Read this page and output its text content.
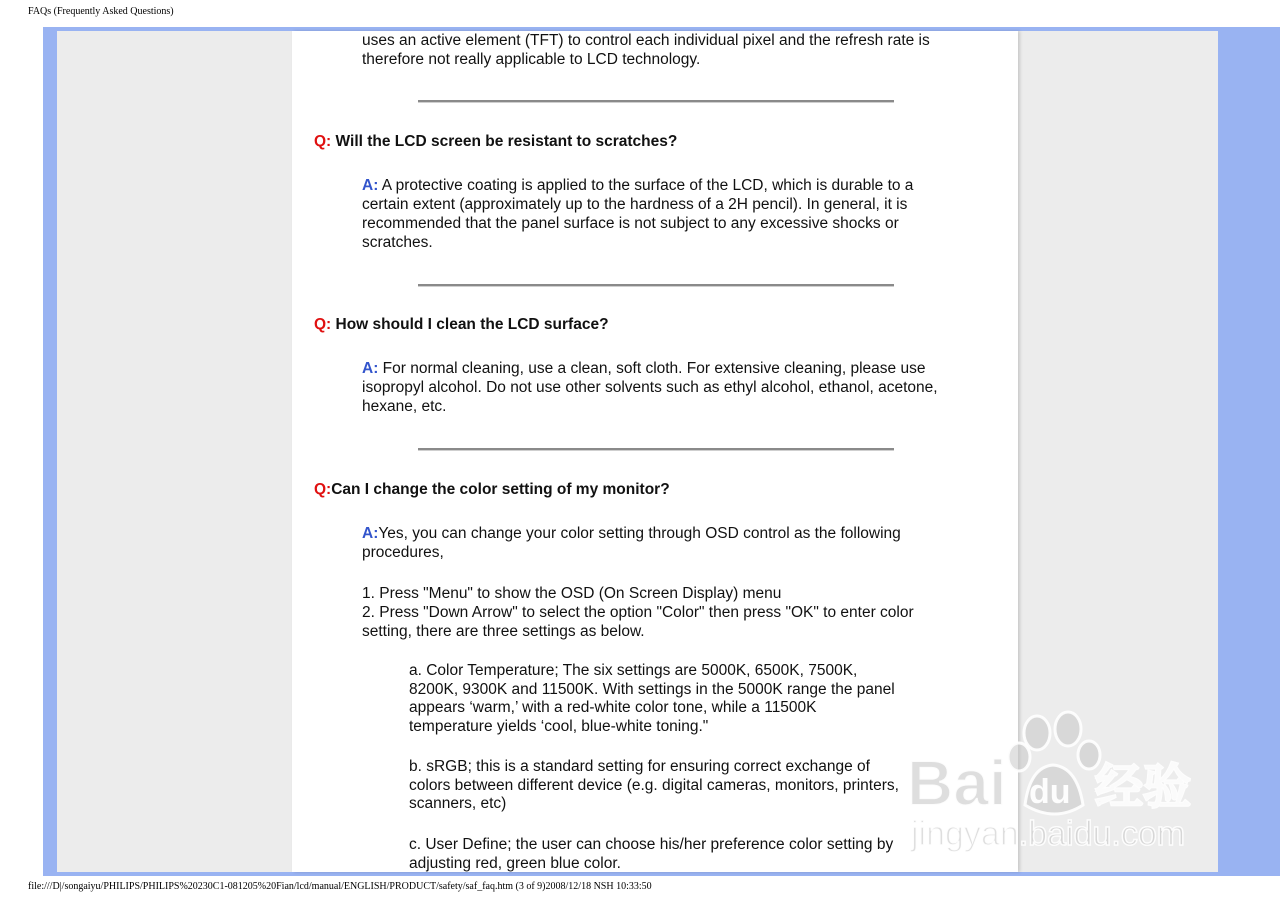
FAQs (Frequently Asked Questions)
uses an active element (TFT) to control each individual pixel and the refresh rate is
therefore not really applicable to LCD technology.
Q: Will the LCD screen be resistant to scratches?
A: A protective coating is applied to the surface of the LCD, which is durable to a
certain extent (approximately up to the hardness of a 2H pencil). In general, it is
recommended that the panel surface is not subject to any excessive shocks or
scratches.
Q: How should I clean the LCD surface?
A: For normal cleaning, use a clean, soft cloth. For extensive cleaning, please use
isopropyl alcohol. Do not use other solvents such as ethyl alcohol, ethanol, acetone,
hexane, etc.
Q:Can I change the color setting of my monitor?
A:Yes, you can change your color setting through OSD control as the following
procedures,
1. Press "Menu" to show the OSD (On Screen Display) menu
2. Press "Down Arrow" to select the option "Color" then press "OK" to enter color
setting, there are three settings as below.
a. Color Temperature; The six settings are 5000K, 6500K, 7500K,
8200K, 9300K and 11500K. With settings in the 5000K range the panel
appears ‘warm,’ with a red-white color tone, while a 11500K
temperature yields ‘cool, blue-white toning."
b. sRGB; this is a standard setting for ensuring correct exchange of
colors between different device (e.g. digital cameras, monitors, printers,
scanners, etc)
c. User Define; the user can choose his/her preference color setting by
adjusting red, green blue color.
Bai du 经验
jingyan.baidu.com
file:///D|/songaiyu/PHILIPS/PHILIPS%20230C1-081205%20Fian/lcd/manual/ENGLISH/PRODUCT/safety/saf_faq.htm (3 of 9)2008/12/18 NSH 10:33:50
